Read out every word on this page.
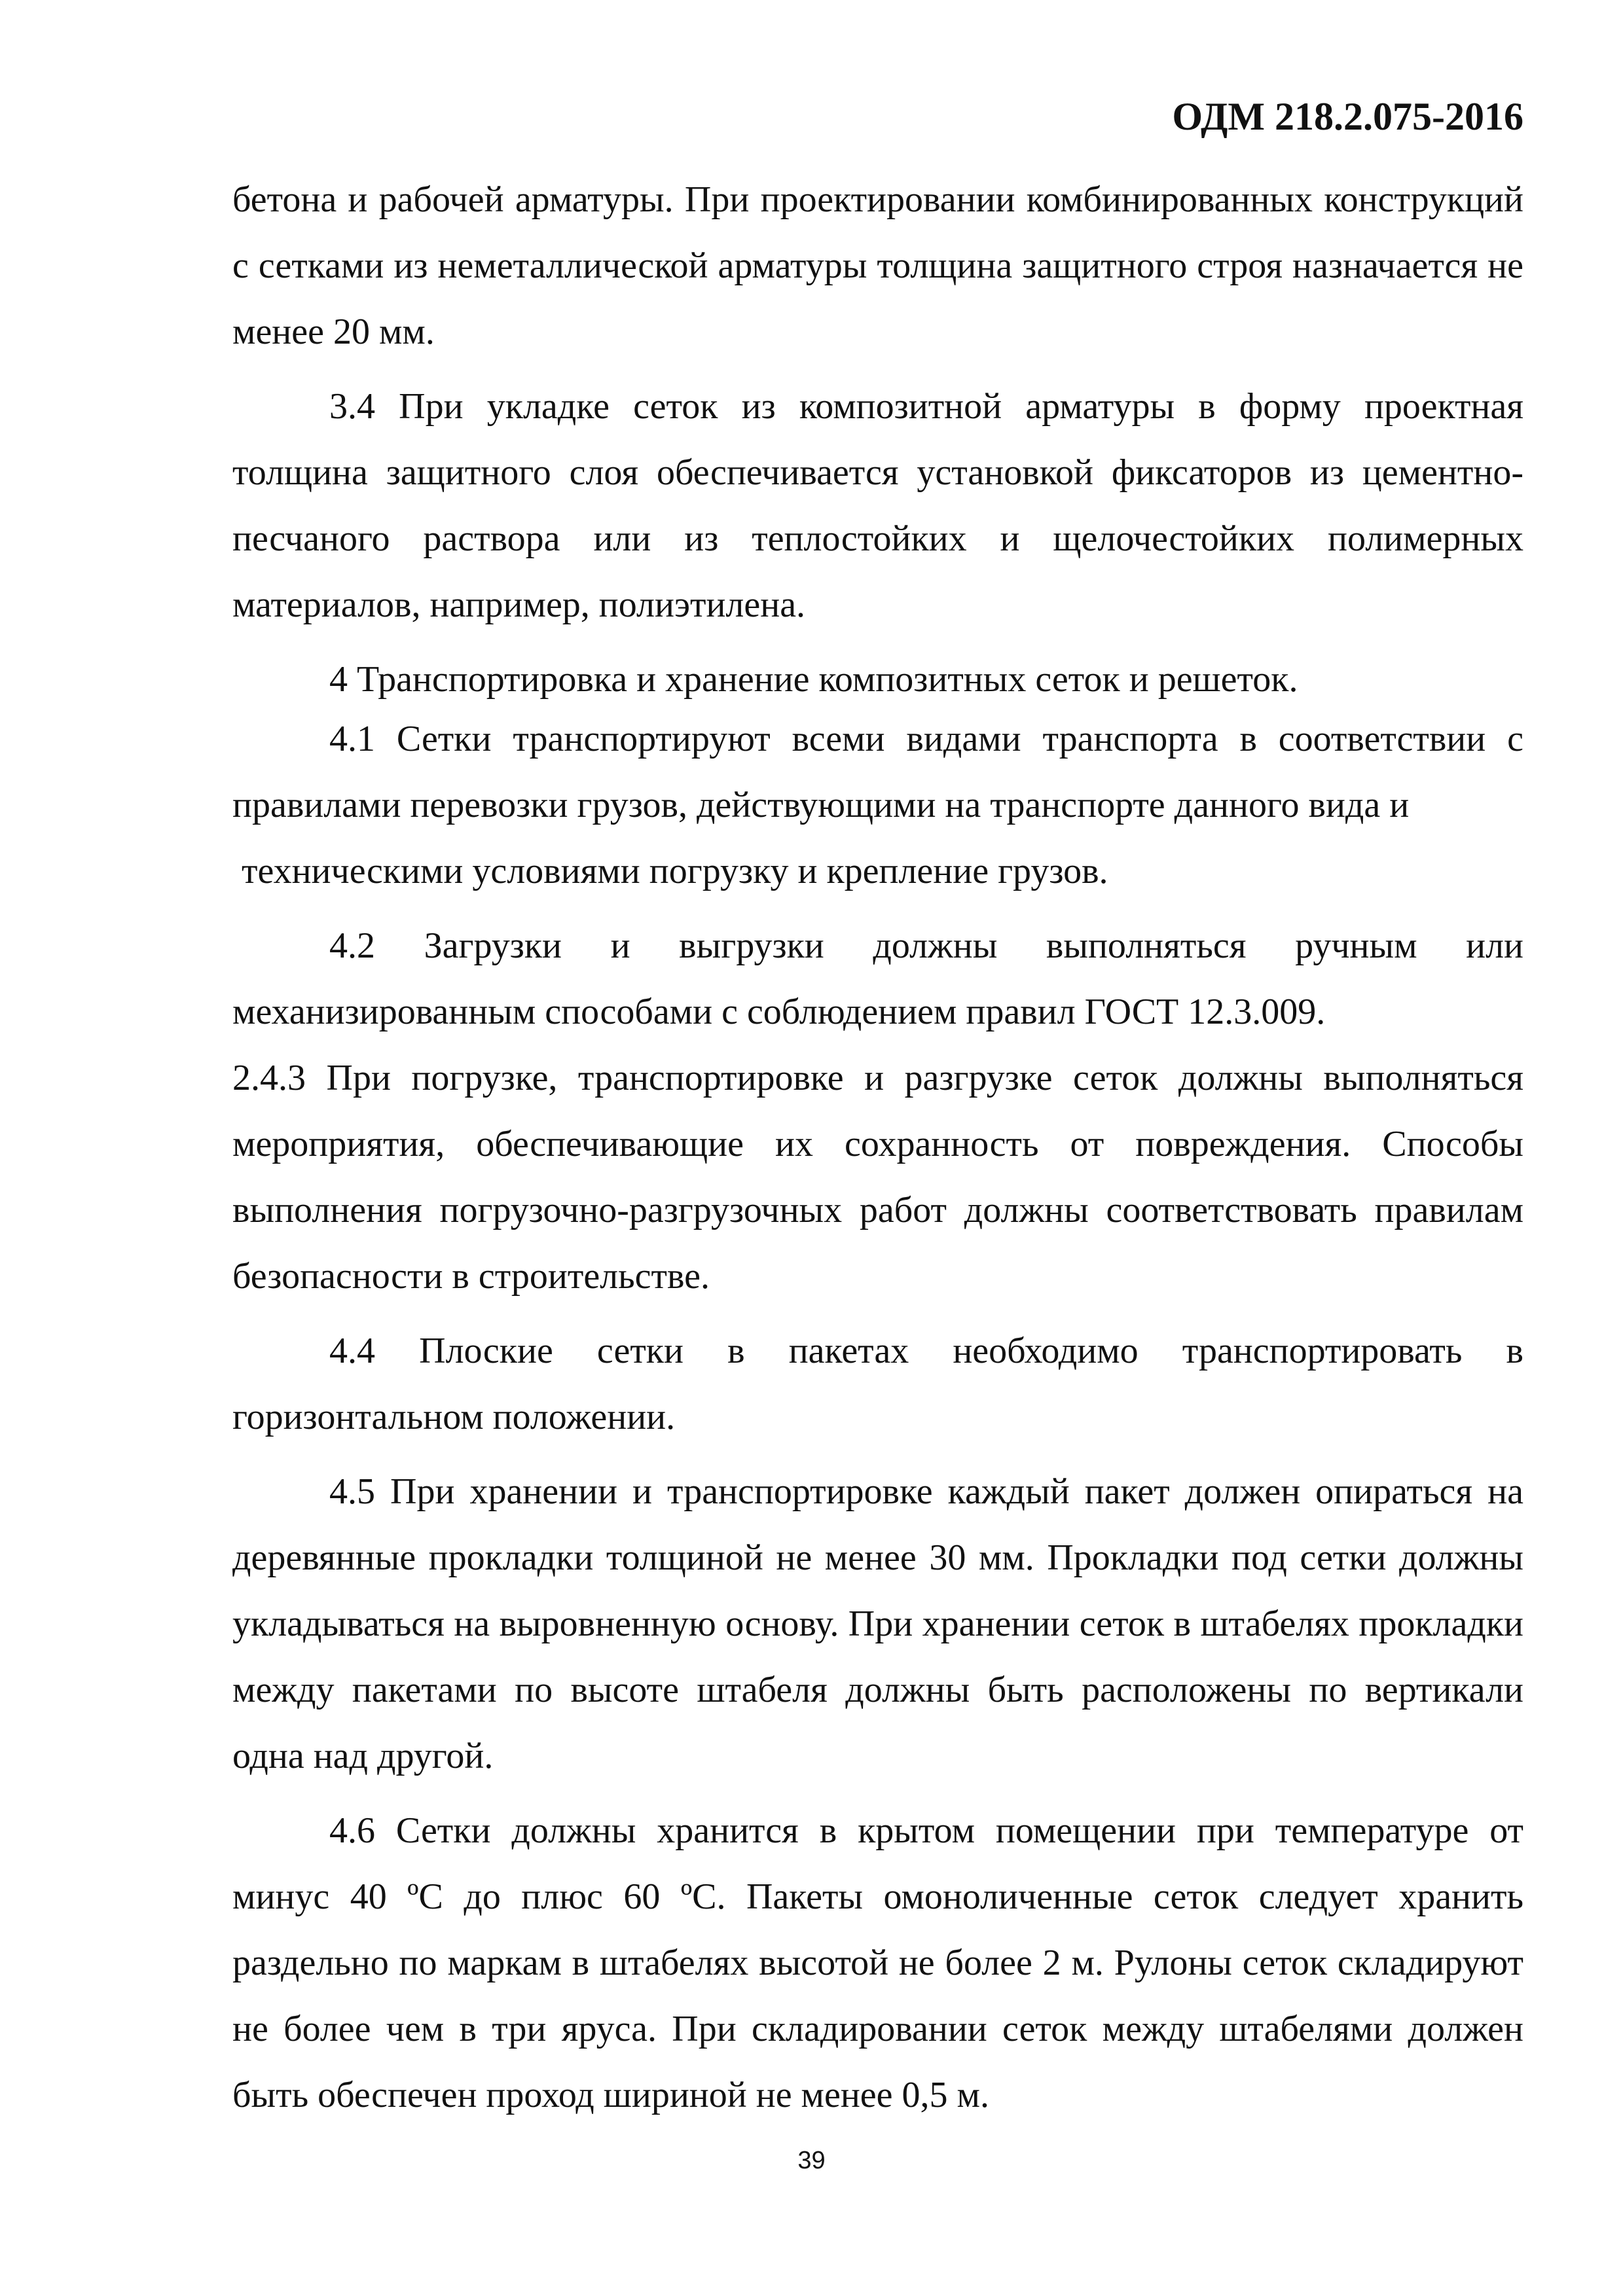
ОДМ 218.2.075-2016

бетона и рабочей арматуры. При проектировании комбинированных конструкций с сетками из неметаллической арматуры толщина защитного строя назначается не менее 20 мм.

3.4 При укладке сеток из композитной арматуры в форму проектная толщина защитного слоя обеспечивается установкой фиксаторов из цементно-песчаного раствора или из теплостойких и щелочестойких полимерных материалов, например, полиэтилена.

4 Транспортировка и хранение композитных сеток и решеток.

4.1 Сетки транспортируют всеми видами транспорта в соответствии с
правилами перевозки грузов, действующими на транспорте данного вида и
техническими условиями погрузку и крепление грузов.

4.2 Загрузки и выгрузки должны выполняться ручным или механизированным способами с соблюдением правил ГОСТ 12.3.009.

2.4.3 При погрузке, транспортировке и разгрузке сеток должны выполняться мероприятия, обеспечивающие их сохранность от повреждения. Способы выполнения погрузочно-разгрузочных работ должны соответствовать правилам безопасности в строительстве.

4.4 Плоские сетки в пакетах необходимо транспортировать в горизонтальном положении.

4.5 При хранении и транспортировке каждый пакет должен опираться на деревянные прокладки толщиной не менее 30 мм. Прокладки под сетки должны укладываться на выровненную основу. При хранении сеток в штабелях прокладки между пакетами по высоте штабеля должны быть расположены по вертикали одна над другой.

4.6 Сетки должны хранится в крытом помещении при температуре от минус 40 ºС до плюс 60 ºС. Пакеты омоноличенные сеток следует хранить раздельно по маркам в штабелях высотой не более 2 м. Рулоны сеток складируют не более чем в три яруса. При складировании сеток между штабелями должен быть обеспечен проход шириной не менее 0,5 м.

39
